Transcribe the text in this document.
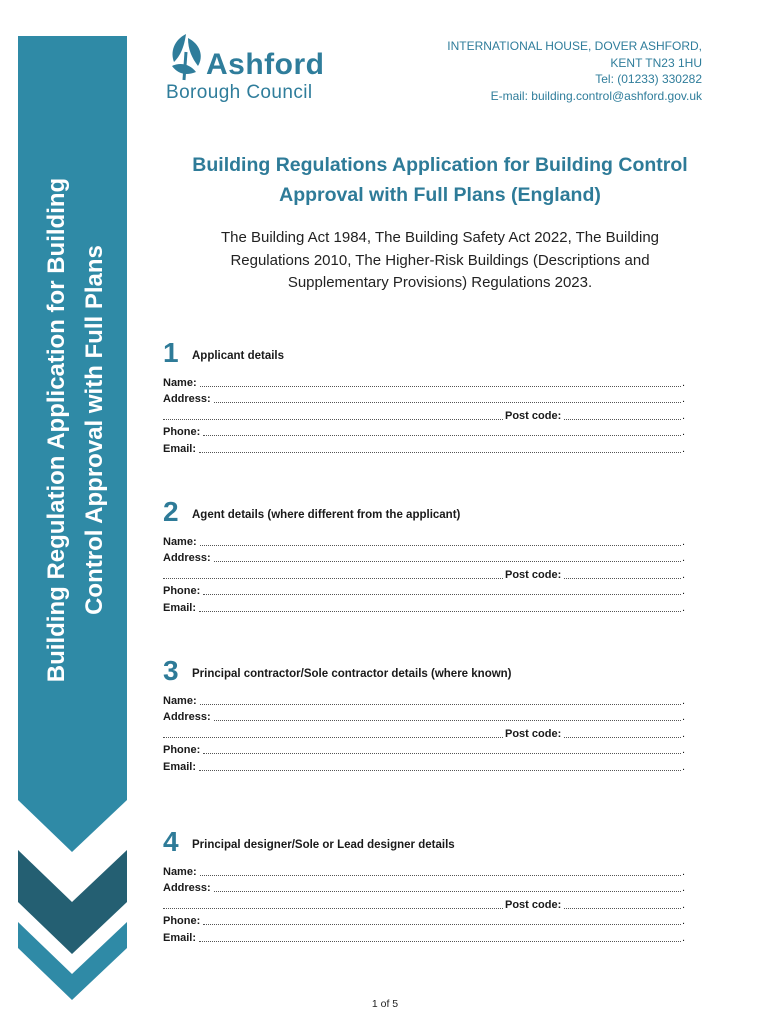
Building Regulation Application for Building Control Approval with Full Plans
Ashford
Borough Council
INTERNATIONAL HOUSE, DOVER ASHFORD,
KENT TN23 1HU
Tel: (01233) 330282
E-mail: building.control@ashford.gov.uk
Building Regulations Application for Building Control
Approval with Full Plans (England)
The Building Act 1984, The Building Safety Act 2022, The Building
Regulations 2010, The Higher-Risk Buildings (Descriptions and
Supplementary Provisions) Regulations 2023.
1 Applicant details
Name:	.
Address:	.
Post code:	.
Phone:	.
Email:	.
2 Agent details (where different from the applicant)
Name:	.
Address:	.
Post code:	.
Phone:	.
Email:	.
3 Principal contractor/Sole contractor details (where known)
Name:	.
Address:	.
Post code:	.
Phone:	.
Email:	.
4 Principal designer/Sole or Lead designer details
Name:	.
Address:	.
Post code:	.
Phone:	.
Email:	.
1 of 5
